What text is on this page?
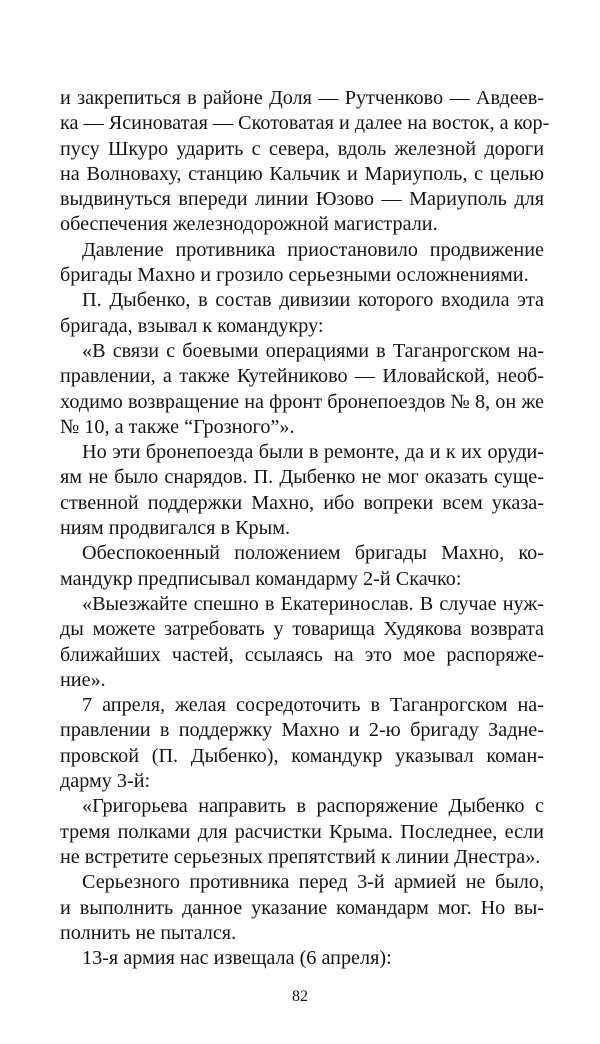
и закрепиться в районе Доля — Рутченково — Авдеев-
ка — Ясиноватая — Скотоватая и далее на восток, а кор-
пусу Шкуро ударить с севера, вдоль железной дороги
на Волноваху, станцию Кальчик и Мариуполь, с целью
выдвинуться впереди линии Юзово — Мариуполь для
обеспечения железнодорожной магистрали.
Давление противника приостановило продвижение
бригады Махно и грозило серьезными осложнениями.
П. Дыбенко, в состав дивизии которого входила эта
бригада, взывал к командукру:
«В связи с боевыми операциями в Таганрогском на-
правлении, а также Кутейниково — Иловайской, необ-
ходимо возвращение на фронт бронепоездов № 8, он же
№ 10, а также “Грозного”».
Но эти бронепоезда были в ремонте, да и к их оруди-
ям не было снарядов. П. Дыбенко не мог оказать суще-
ственной поддержки Махно, ибо вопреки всем указа-
ниям продвигался в Крым.
Обеспокоенный положением бригады Махно, ко-
мандукр предписывал командарму 2-й Скачко:
«Выезжайте спешно в Екатеринослав. В случае нуж-
ды можете затребовать у товарища Худякова возврата
ближайших частей, ссылаясь на это мое распоряже-
ние».
7 апреля, желая сосредоточить в Таганрогском на-
правлении в поддержку Махно и 2-ю бригаду Задне-
провской (П. Дыбенко), командукр указывал коман-
дарму 3-й:
«Григорьева направить в распоряжение Дыбенко с
тремя полками для расчистки Крыма. Последнее, если
не встретите серьезных препятствий к линии Днестра».
Серьезного противника перед 3-й армией не было,
и выполнить данное указание командарм мог. Но вы-
полнить не пытался.
13-я армия нас извещала (6 апреля):
82
